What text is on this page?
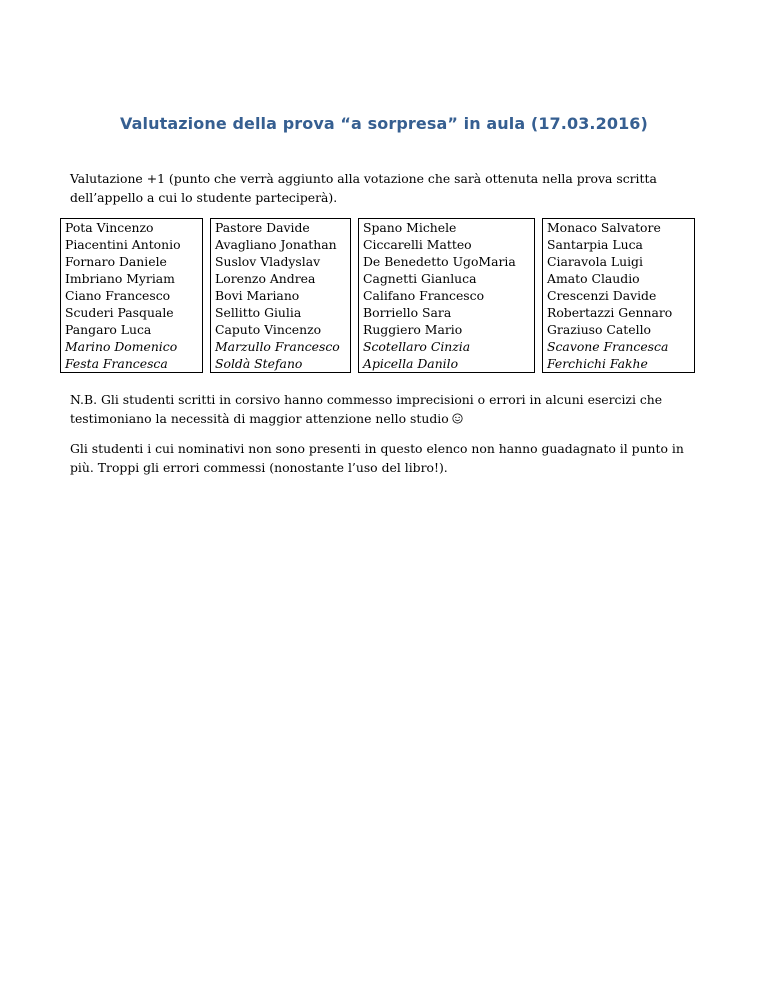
Valutazione della prova “a sorpresa” in aula (17.03.2016)
Valutazione +1 (punto che verrà aggiunto alla votazione che sarà ottenuta nella prova scritta dell’appello a cui lo studente parteciperà).
Pota Vincenzo		Pastore Davide		Spano Michele		Monaco Salvatore
Piacentini Antonio		Avagliano Jonathan		Ciccarelli Matteo		Santarpia Luca
Fornaro Daniele		Suslov Vladyslav		De Benedetto UgoMaria		Ciaravola Luigi
Imbriano Myriam		Lorenzo Andrea		Cagnetti Gianluca		Amato Claudio
Ciano Francesco		Bovi Mariano		Califano Francesco		Crescenzi Davide
Scuderi Pasquale		Sellitto Giulia		Borriello Sara		Robertazzi Gennaro
Pangaro Luca		Caputo Vincenzo		Ruggiero Mario		Graziuso Catello
Marino Domenico		Marzullo Francesco		Scotellaro Cinzia		Scavone Francesca
Festa Francesca		Soldà Stefano		Apicella Danilo		Ferchichi Fakhe
N.B. Gli studenti scritti in corsivo hanno commesso imprecisioni o errori in alcuni esercizi che testimoniano la necessità di maggior attenzione nello studio
Gli studenti i cui nominativi non sono presenti in questo elenco non hanno guadagnato il punto in più. Troppi gli errori commessi (nonostante l’uso del libro!).
